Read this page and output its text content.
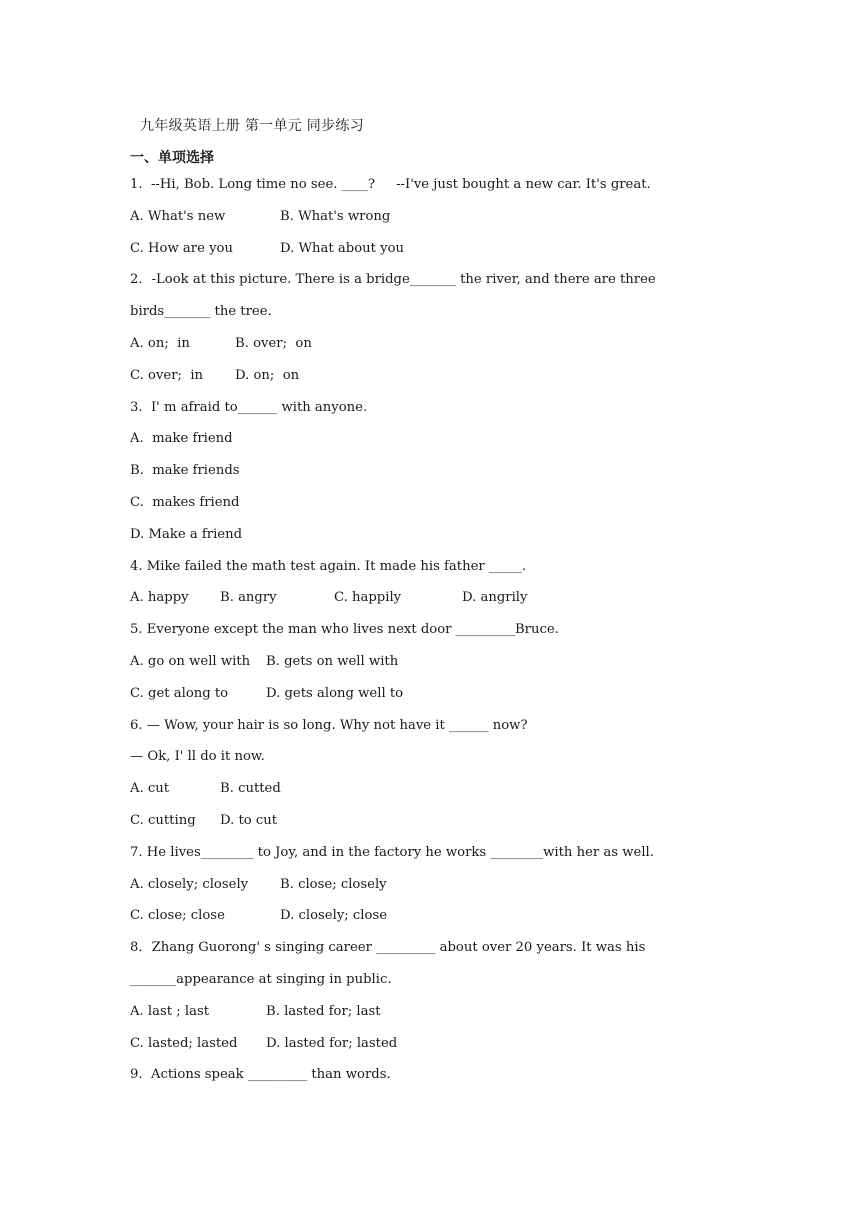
九年级英语上册 第一单元 同步练习
一、单项选择
1.  --Hi, Bob. Long time no see. ____?     --I've just bought a new car. It's great.
A. What's new	B. What's wrong
C. How are you	D. What about you
2．-Look at this picture. There is a bridge_______ the river, and there are three
birds_______ the tree.
A. on;  in	B. over;  on
C. over;  in D. on;  on
3.  I' m afraid to______ with anyone.
A.  make friend
B.  make friends
C.  makes friend
D. Make a friend
4. Mike failed the math test again. It made his father _____.
A. happy B. angry	C. happily	D. angrily
5. Everyone except the man who lives next door _________Bruce.
A. go on well with B. gets on well with
C. get along to	D. gets along well to
6. — Wow, your hair is so long. Why not have it ______ now?
— Ok, I' ll do it now.
A. cut	B. cutted
C. cutting D. to cut
7. He lives________ to Joy, and in the factory he works ________with her as well.
A. closely; closely B. close; closely
C. close; close	D. closely; close
8．Zhang Guorong' s singing career _________ about over 20 years. It was his
_______appearance at singing in public.
A. last ; last	B. lasted for; last
C. lasted; lasted D. lasted for; lasted
9.  Actions speak _________ than words.
